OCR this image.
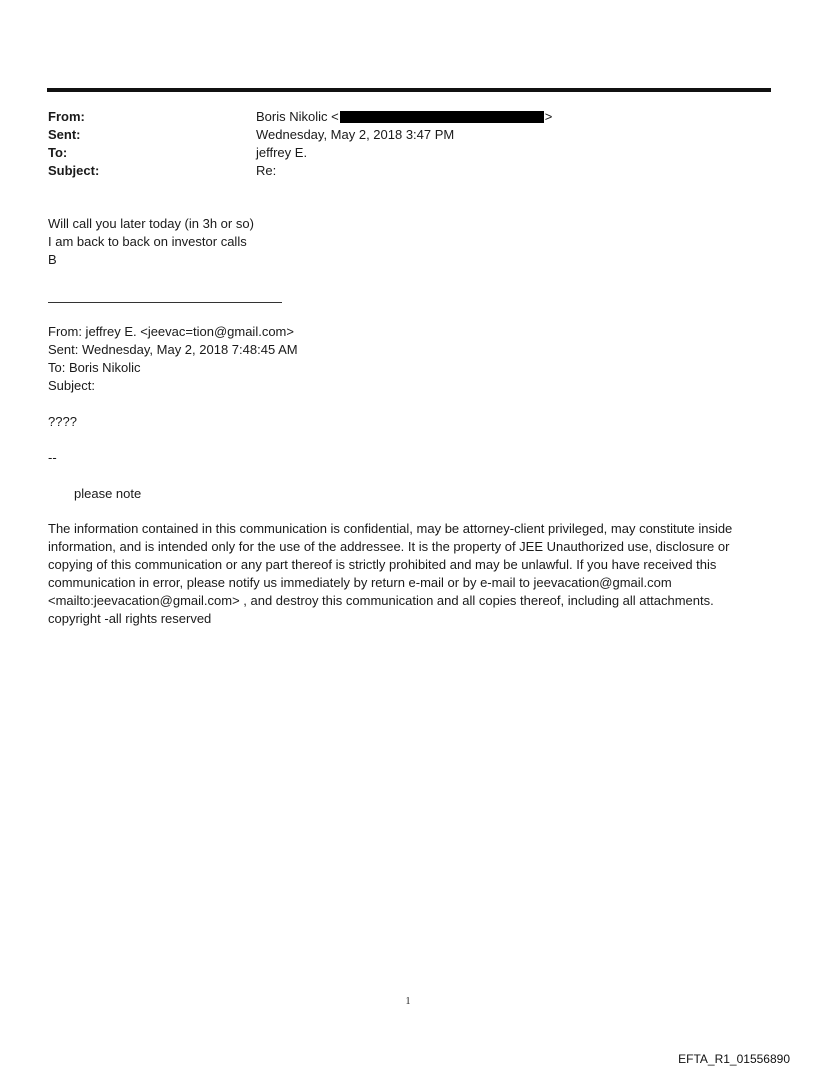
From:	Boris Nikolic <	>
Sent:	Wednesday, May 2, 2018 3:47 PM
To:	jeffrey E.
Subject:	Re:
Will call you later today (in 3h or so)
I am back to back on investor calls
B
From: jeffrey E. <jeevac=tion@gmail.com>
Sent: Wednesday, May 2, 2018 7:48:45 AM
To: Boris Nikolic
Subject:
????
--
please note
The information contained in this communication is confidential, may be attorney-client privileged, may constitute inside information, and is intended only for the use of the addressee. It is the property of JEE Unauthorized use, disclosure or copying of this communication or any part thereof is strictly prohibited and may be unlawful. If you have received this communication in error, please notify us immediately by return e-mail or by e-mail to jeevacation@gmail.com <mailto:jeevacation@gmail.com> , and destroy this communication and all copies thereof, including all attachments. copyright -all rights reserved
1
EFTA_R1_01556890
